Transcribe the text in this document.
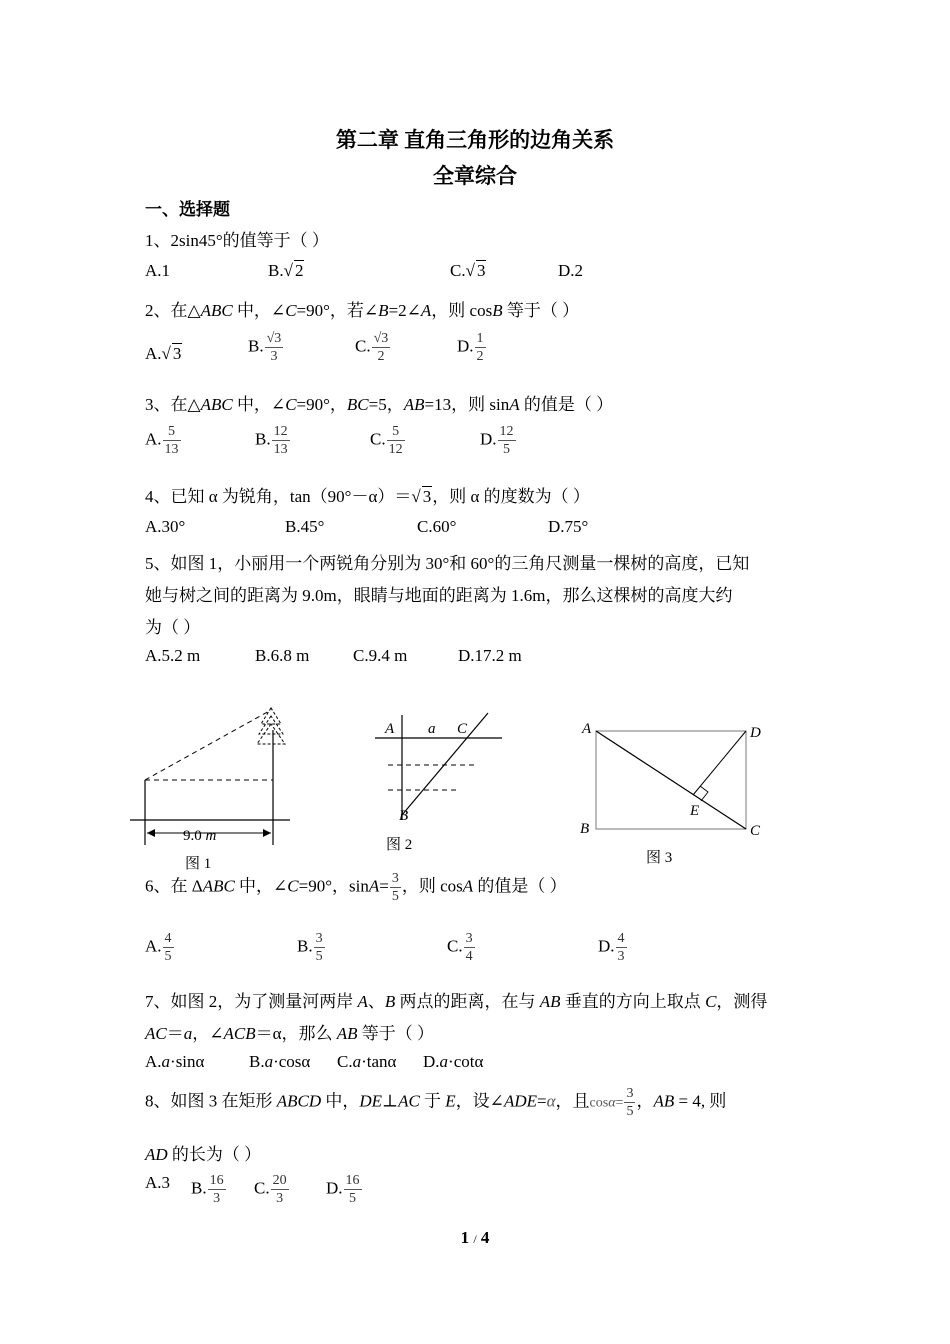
第二章 直角三角形的边角关系
全章综合
一、选择题
1、2sin45°的值等于（ ）
A.1	B.√ 2	C.√ 3	D.2
2、在△ABC 中，∠C=90°，若∠B=2∠A，则 cosB 等于（ ）
A.√ 3	B. $\frac{√3}{3}$	C. $\frac{√3}{2}$	D. $\frac{1}{2}$
3、在△ABC 中，∠C=90°，BC=5，AB=13，则 sinA 的值是（ ）
A. $\frac{5}{13}$	B. $\frac{12}{13}$	C. $\frac{5}{12}$	D. $\frac{12}{5}$
4、已知 α 为锐角，tan（90°－α）＝√ 3，则 α 的度数为（ ）
A.30°	B.45°	C.60°	D.75°
5、如图 1，小丽用一个两锐角分别为 30°和 60°的三角尺测量一棵树的高度，已知
她与树之间的距离为 9.0m，眼睛与地面的距离为 1.6m，那么这棵树的高度大约
为（ ）
A.5.2 m	B.6.8 m	C.9.4 m	D.17.2 m
9.0 m
图 1
A a C
B
图 2
A	D
E
B	C
图 3
6、在 ΔABC 中，∠C=90°，$\sin A= \frac{3}{5}$ ，则 cosA 的值是（ ）
A. $\frac{4}{5}$	B. $\frac{3}{5}$	C. $\frac{3}{4}$	D. $\frac{4}{3}$
7、如图 2，为了测量河两岸 A、B 两点的距离，在与 AB 垂直的方向上取点 C，测得
AC＝a，∠ACB＝α，那么 AB 等于（ ）
A.a·sinα	B.a·cosα C.a·tanα D.a·cotα
8、如图 3 在矩形 ABCD 中，DE⊥AC 于 E，设∠ADE=α，且$\cos\alpha= \frac{3}{5}$ ，AB = 4, 则
AD 的长为（ ）
A.3 B. $\frac{16}{3} C$. $\frac{20}{3} D$. $\frac{16}{5}$
1 / 4
